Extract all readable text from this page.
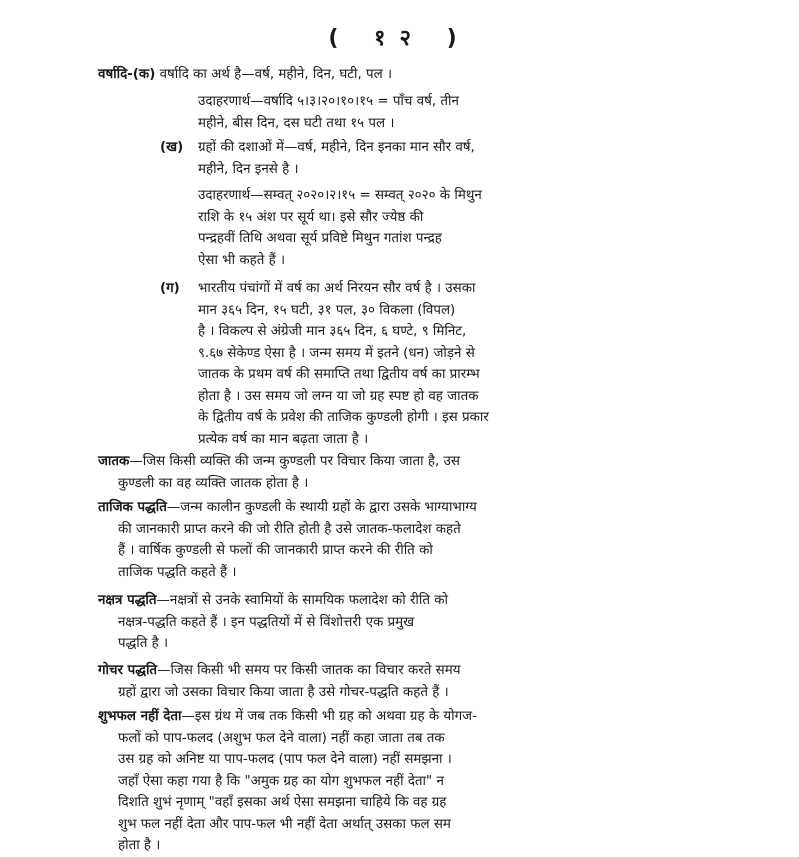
( १२ )
वर्षादि-(क) वर्षादि का अर्थ है—वर्ष, महीने, दिन, घटी, पल ।
उदाहरणार्थ—वर्षादि ५।३।२०।१०।१५ = पाँच वर्ष, तीन
महीने, बीस दिन, दस घटी तथा १५ पल ।
(ख) ग्रहों की दशाओं में—वर्ष, महीने, दिन इनका मान सौर वर्ष,
महीने, दिन इनसे है ।
उदाहरणार्थ—सम्वत् २०२०।२।१५ = सम्वत् २०२० के मिथुन
राशि के १५ अंश पर सूर्य था। इसे सौर ज्येष्ठ की
पन्द्रहवीं तिथि अथवा सूर्य प्रविष्टे मिथुन गतांश पन्द्रह
ऐसा भी कहते हैं ।
(ग) भारतीय पंचांगों में वर्ष का अर्थ निरयन सौर वर्ष है । उसका
मान ३६५ दिन, १५ घटी, ३१ पल, ३० विकला (विपल)
है । विकल्प से अंग्रेजी मान ३६५ दिन, ६ घण्टे, ९ मिनिट,
९.६७ सेकेण्ड ऐसा है । जन्म समय में इतने (धन) जोड़ने से
जातक के प्रथम वर्ष की समाप्ति तथा द्वितीय वर्ष का प्रारम्भ
होता है । उस समय जो लग्न या जो ग्रह स्पष्ट हो वह जातक
के द्वितीय वर्ष के प्रवेश की ताजिक कुण्डली होगी । इस प्रकार
प्रत्येक वर्ष का मान बढ़ता जाता है ।
जातक—जिस किसी व्यक्ति की जन्म कुण्डली पर विचार किया जाता है, उस
कुण्डली का वह व्यक्ति जातक होता है ।
ताजिक पद्धति—जन्म कालीन कुण्डली के स्थायी ग्रहों के द्वारा उसके भाग्याभाग्य
की जानकारी प्राप्त करने की जो रीति होती है उसे जातक-फलादेश कहते
हैं । वार्षिक कुण्डली से फलों की जानकारी प्राप्त करने की रीति को
ताजिक पद्धति कहते हैं ।
नक्षत्र पद्धति—नक्षत्रों से उनके स्वामियों के सामयिक फलादेश को रीति को
नक्षत्र-पद्धति कहते हैं । इन पद्धतियों में से विंशोत्तरी एक प्रमुख
पद्धति है ।
गोचर पद्धति—जिस किसी भी समय पर किसी जातक का विचार करते समय
ग्रहों द्वारा जो उसका विचार किया जाता है उसे गोचर-पद्धति कहते हैं ।
शुभफल नहीं देता—इस ग्रंथ में जब तक किसी भी ग्रह को अथवा ग्रह के योगज-
फलों को पाप-फलद (अशुभ फल देने वाला) नहीं कहा जाता तब तक
उस ग्रह को अनिष्ट या पाप-फलद (पाप फल देने वाला) नहीं समझना ।
जहाँ ऐसा कहा गया है कि "अमुक ग्रह का योग शुभफल नहीं देता" न
दिशति शुभं नृणाम् "वहाँ इसका अर्थ ऐसा समझना चाहिये कि वह ग्रह
शुभ फल नहीं देता और पाप-फल भी नहीं देता अर्थात् उसका फल सम
होता है ।
